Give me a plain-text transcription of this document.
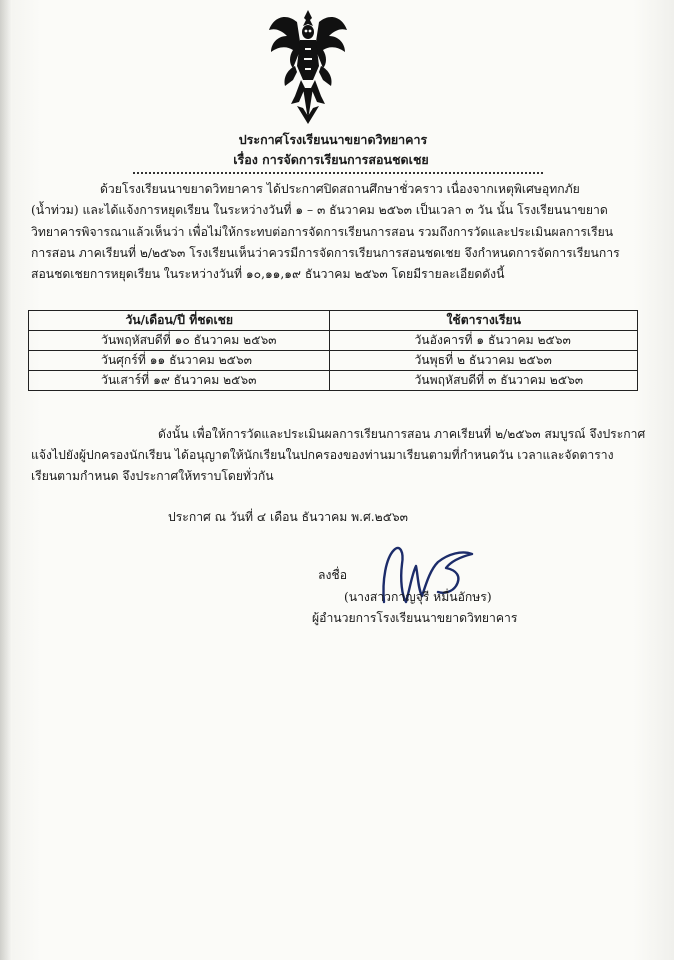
ประกาศโรงเรียนนาขยาดวิทยาคาร
เรื่อง การจัดการเรียนการสอนชดเชย
ด้วยโรงเรียนนาขยาดวิทยาคาร ได้ประกาศปิดสถานศึกษาชั่วคราว เนื่องจากเหตุพิเศษอุทกภัย
(น้ำท่วม) และได้แจ้งการหยุดเรียน ในระหว่างวันที่ ๑ – ๓ ธันวาคม ๒๕๖๓ เป็นเวลา ๓ วัน นั้น โรงเรียนนาขยาด
วิทยาคารพิจารณาแล้วเห็นว่า เพื่อไม่ให้กระทบต่อการจัดการเรียนการสอน รวมถึงการวัดและประเมินผลการเรียน
การสอน ภาคเรียนที่ ๒/๒๕๖๓ โรงเรียนเห็นว่าควรมีการจัดการเรียนการสอนชดเชย จึงกำหนดการจัดการเรียนการ
สอนชดเชยการหยุดเรียน ในระหว่างวันที่ ๑๐,๑๑,๑๙ ธันวาคม ๒๕๖๓ โดยมีรายละเอียดดังนี้
วัน/เดือน/ปี ที่ชดเชย	ใช้ตารางเรียน
วันพฤหัสบดีที่ ๑๐ ธันวาคม ๒๕๖๓	วันอังคารที่ ๑ ธันวาคม ๒๕๖๓
วันศุกร์ที่ ๑๑ ธันวาคม ๒๕๖๓	วันพุธที่ ๒ ธันวาคม ๒๕๖๓
วันเสาร์ที่ ๑๙ ธันวาคม ๒๕๖๓	วันพฤหัสบดีที่ ๓ ธันวาคม ๒๕๖๓
ดังนั้น เพื่อให้การวัดและประเมินผลการเรียนการสอน ภาคเรียนที่ ๒/๒๕๖๓ สมบูรณ์ จึงประกาศ
แจ้งไปยังผู้ปกครองนักเรียน ได้อนุญาตให้นักเรียนในปกครองของท่านมาเรียนตามที่กำหนดวัน เวลาและจัดตาราง
เรียนตามกำหนด จึงประกาศให้ทราบโดยทั่วกัน
ประกาศ ณ วันที่ ๔ เดือน ธันวาคม พ.ศ.๒๕๖๓
ลงชื่อ
(นางสาวกาญจุรี หมื่นอักษร)
ผู้อำนวยการโรงเรียนนาขยาดวิทยาคาร
